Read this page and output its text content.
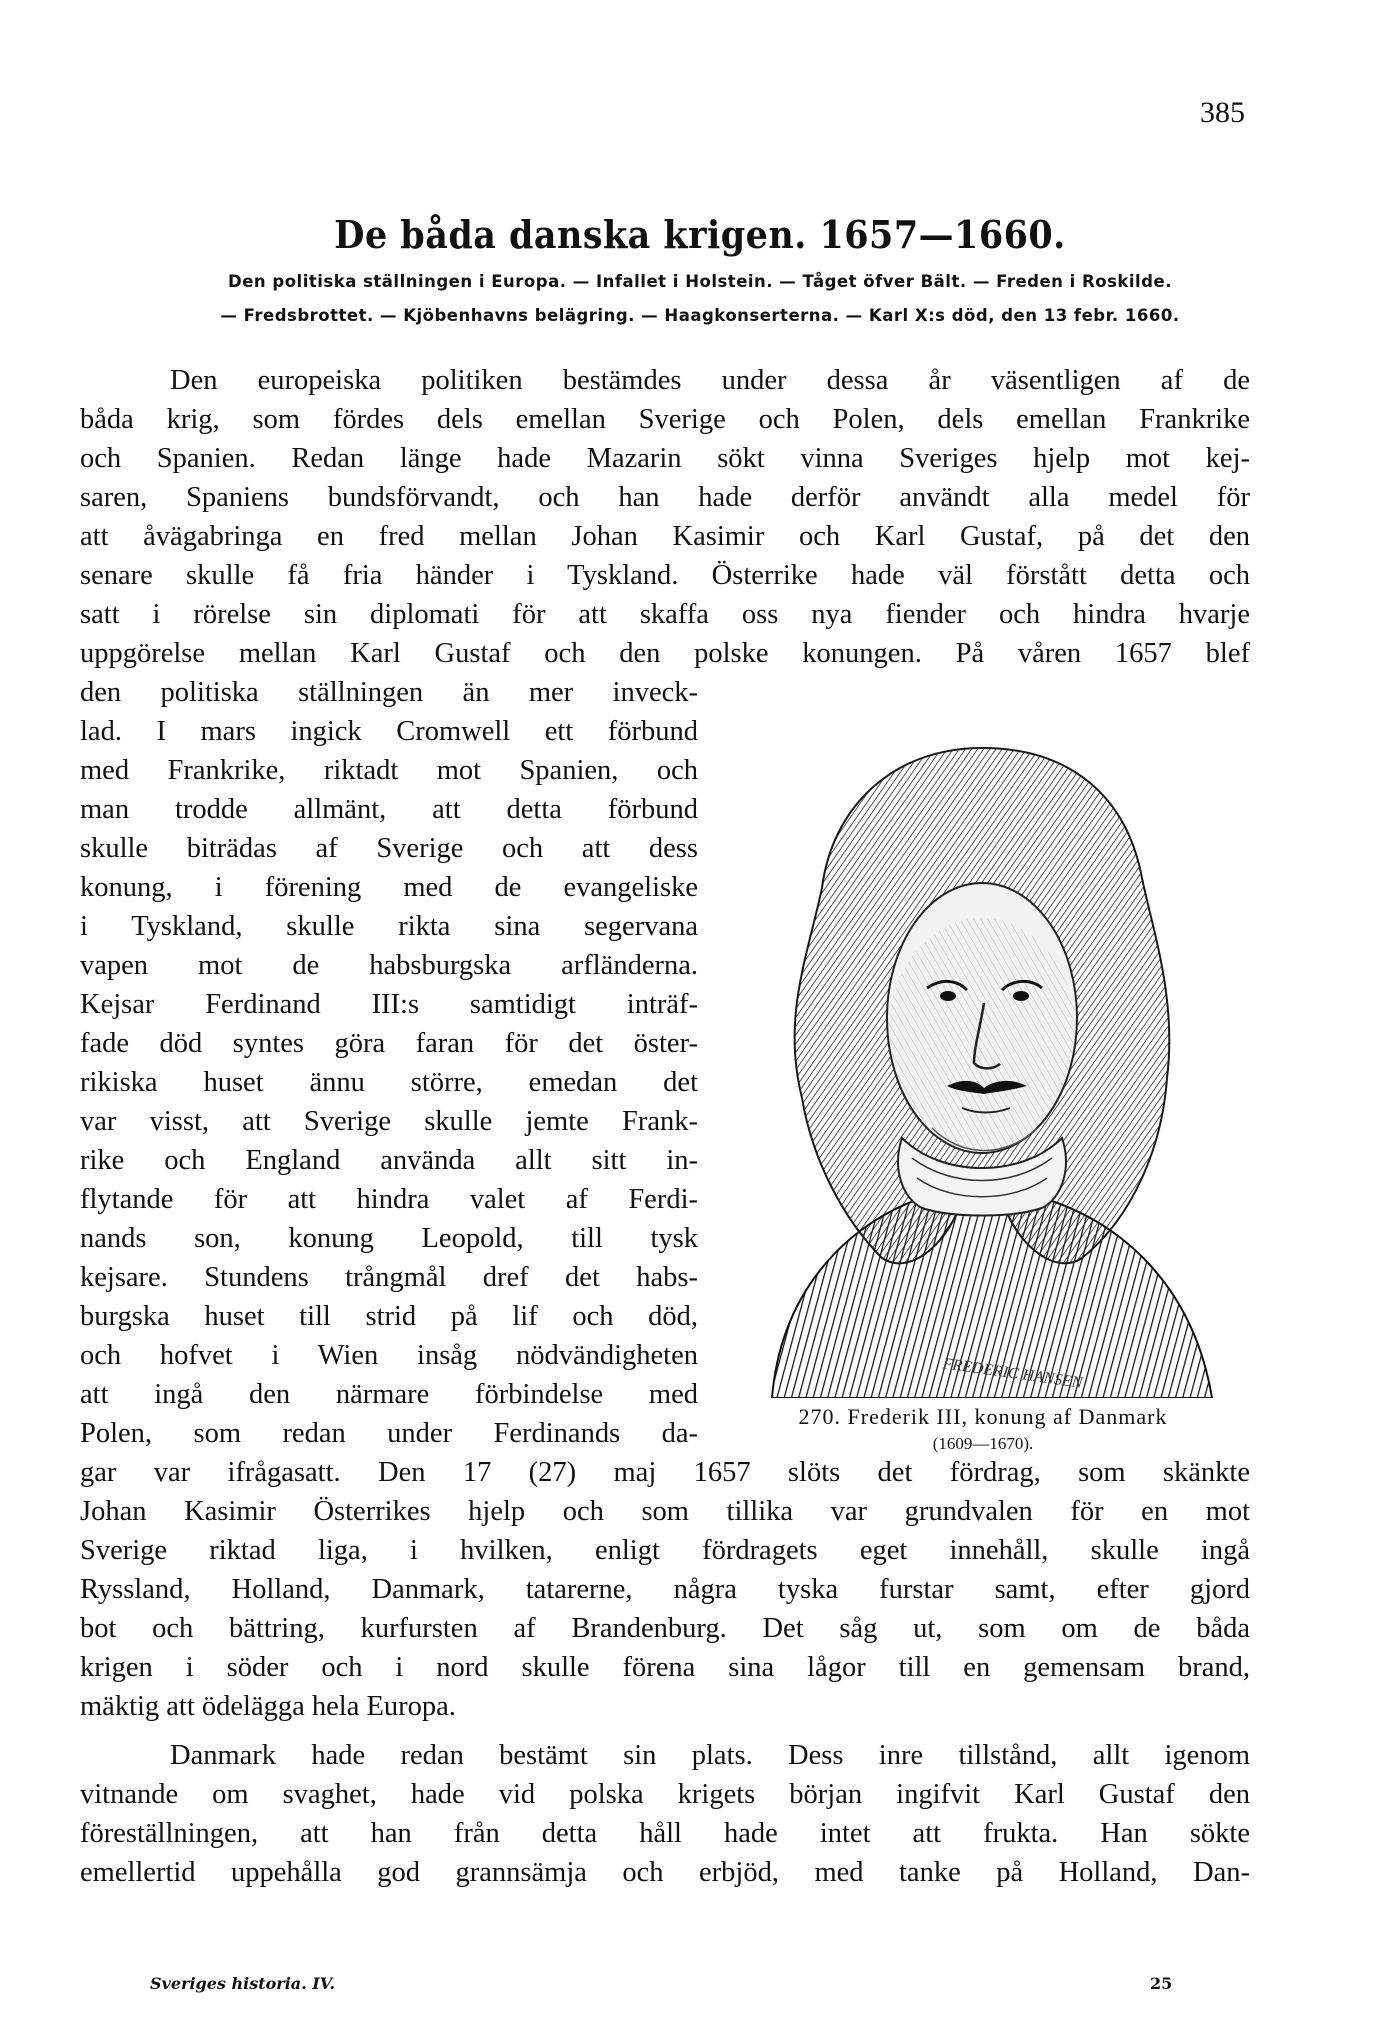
385
De båda danska krigen. 1657—1660.
Den politiska ställningen i Europa. — Infallet i Holstein. — Tåget öfver Bält. — Freden i Roskilde.
— Fredsbrottet. — Kjöbenhavns belägring. — Haagkonserterna. — Karl X:s död, den 13 febr. 1660.
Den europeiska politiken bestämdes under dessa år väsentligen af de
båda krig, som fördes dels emellan Sverige och Polen, dels emellan Frankrike
och Spanien. Redan länge hade Mazarin sökt vinna Sveriges hjelp mot kej-
saren, Spaniens bundsförvandt, och han hade derför användt alla medel för
att åvägabringa en fred mellan Johan Kasimir och Karl Gustaf, på det den
senare skulle få fria händer i Tyskland. Österrike hade väl förstått detta och
satt i rörelse sin diplomati för att skaffa oss nya fiender och hindra hvarje
uppgörelse mellan Karl Gustaf och den polske konungen. På våren 1657 blef
den politiska ställningen än mer inveck-
lad. I mars ingick Cromwell ett förbund
med Frankrike, riktadt mot Spanien, och
man trodde allmänt, att detta förbund
skulle biträdas af Sverige och att dess
konung, i förening med de evangeliske
i Tyskland, skulle rikta sina segervana
vapen mot de habsburgska arfländerna.
Kejsar Ferdinand III:s samtidigt inträf-
fade död syntes göra faran för det öster-
rikiska huset ännu större, emedan det
var visst, att Sverige skulle jemte Frank-
rike och England använda allt sitt in-
flytande för att hindra valet af Ferdi-
nands son, konung Leopold, till tysk
kejsare. Stundens trångmål dref det habs-
burgska huset till strid på lif och död,
och hofvet i Wien insåg nödvändigheten
att ingå den närmare förbindelse med
Polen, som redan under Ferdinands da-
gar var ifrågasatt. Den 17 (27) maj 1657 slöts det fördrag, som skänkte
Johan Kasimir Österrikes hjelp och som tillika var grundvalen för en mot
Sverige riktad liga, i hvilken, enligt fördragets eget innehåll, skulle ingå
Ryssland, Holland, Danmark, tatarerne, några tyska furstar samt, efter gjord
bot och bättring, kurfursten af Brandenburg. Det såg ut, som om de båda
krigen i söder och i nord skulle förena sina lågor till en gemensam brand,
mäktig att ödelägga hela Europa.
Danmark hade redan bestämt sin plats. Dess inre tillstånd, allt igenom
vitnande om svaghet, hade vid polska krigets början ingifvit Karl Gustaf den
föreställningen, att han från detta håll hade intet att frukta. Han sökte
emellertid uppehålla god grannsämja och erbjöd, med tanke på Holland, Dan-
FREDERIC HANSEN
270. Frederik III, konung af Danmark
(1609—1670).
Sveriges historia. IV.	25
